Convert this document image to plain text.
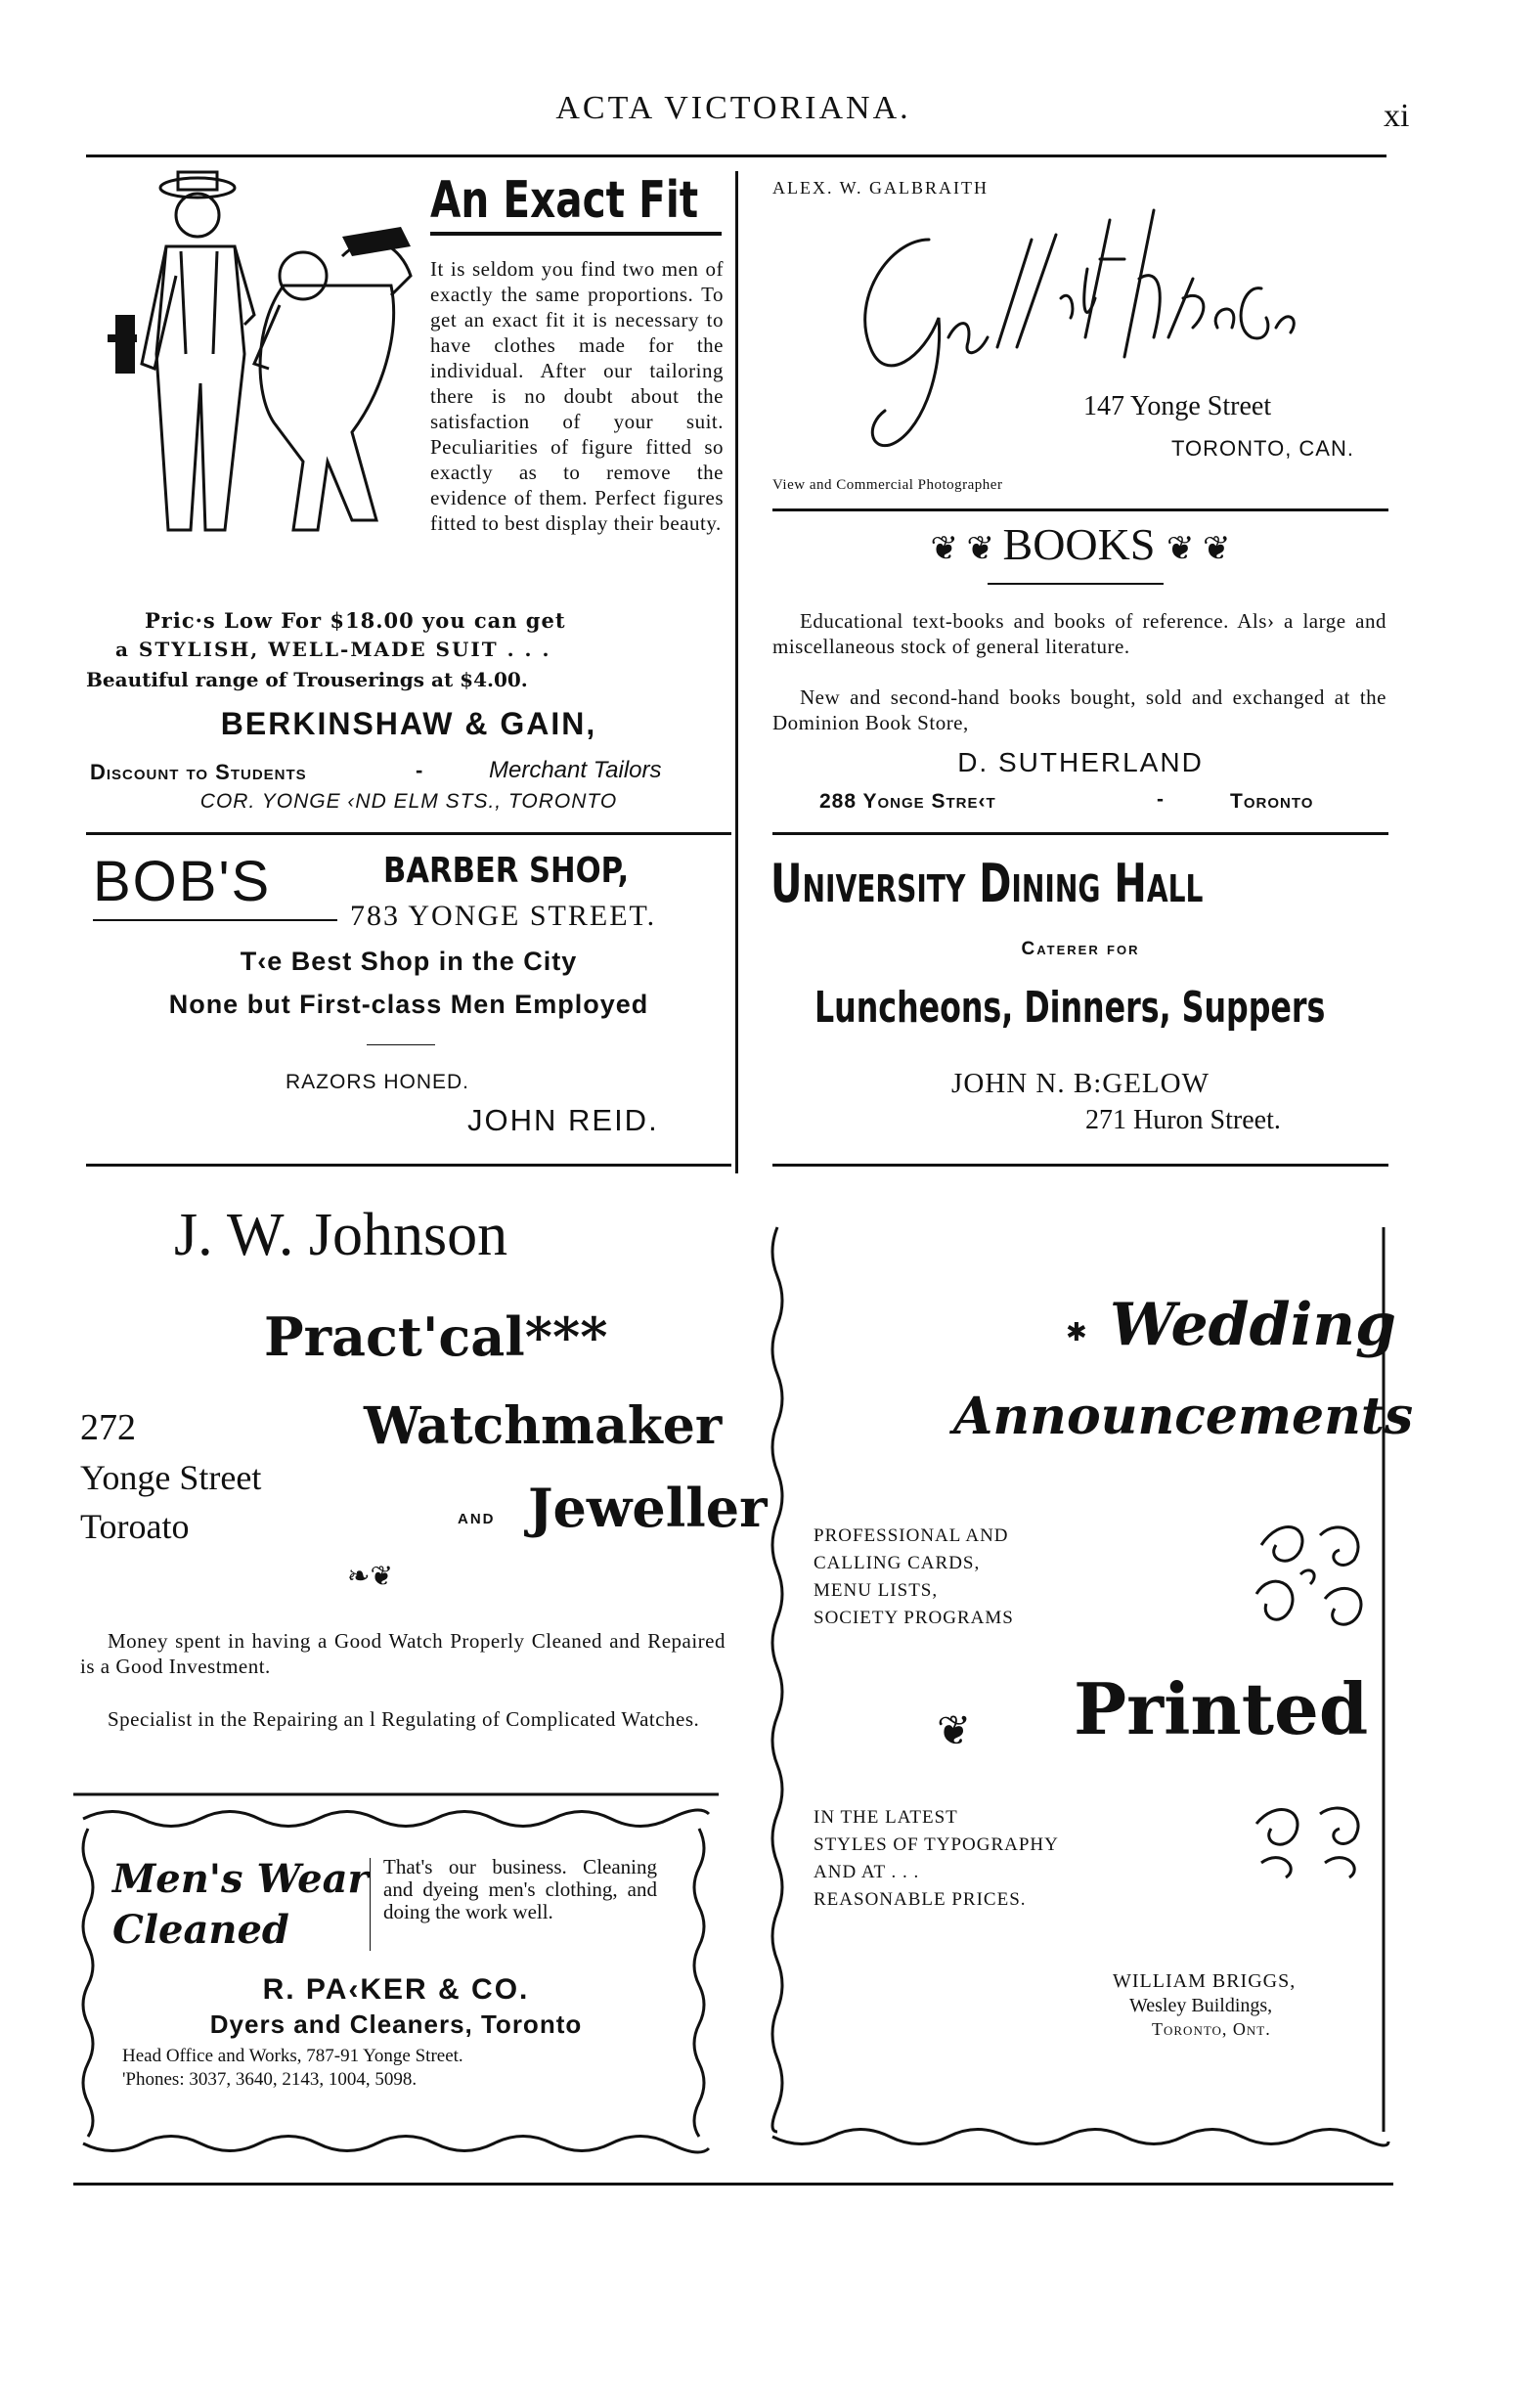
ACTA VICTORIANA.	xi
An Exact Fit
It is seldom you find two men of exactly the same proportions. To get an exact fit it is necessary to have clothes made for the individual. After our tailoring there is no doubt about the satisfaction of your suit. Peculiarities of figure fitted so exactly as to remove the evidence of them. Perfect figures fitted to best display their beauty.
Pric·s Low For $18.00 you can get
a STYLISH, WELL-MADE SUIT . . .
Beautiful range of Trouserings at $4.00.
BERKINSHAW & GAIN,
Discount to Students	-	Merchant Tailors
COR. YONGE ‹ND ELM STS., TORONTO
ALEX. W. GALBRAITH
147 Yonge Street
TORONTO, CAN.
View and Commercial Photographer
❦ ❦ BOOKS ❦ ❦
Educational text-books and books of reference. Als› a large and miscellaneous stock of general literature.
New and second-hand books bought, sold and exchanged at the Dominion Book Store,
D. SUTHERLAND
288 Yonge Stre‹t	-	Toronto
BOB'S	BARBER SHOP,
783 YONGE STREET.
T‹e Best Shop in the City
None but First-class Men Employed
RAZORS HONED.
JOHN REID.
University Dining Hall
Caterer for
Luncheons, Dinners, Suppers
JOHN N. B:GELOW
271 Huron Street.
J. W. Johnson
Pract'cal***
272	Watchmaker
Yonge Street
Toroato	AND Jeweller
❧❦
Money spent in having a Good Watch Properly Cleaned and Repaired is a Good Investment.
Specialist in the Repairing an l Regulating of Complicated Watches.
Men's Wear
Cleaned
That's our business. Cleaning and dyeing men's clothing, and doing the work well.
R. PA‹KER & CO.
Dyers and Cleaners, Toronto
Head Office and Works, 787-91 Yonge Street.
'Phones: 3037, 3640, 2143, 1004, 5098.
✱ Wedding
Announcements
PROFESSIONAL AND
CALLING CARDS,
MENU LISTS,
SOCIETY PROGRAMS
❦ Printed
IN THE LATEST
STYLES OF TYPOGRAPHY
AND AT . . .
REASONABLE PRICES.
WILLIAM BRIGGS,
Wesley Buildings,
Toronto, Ont.
